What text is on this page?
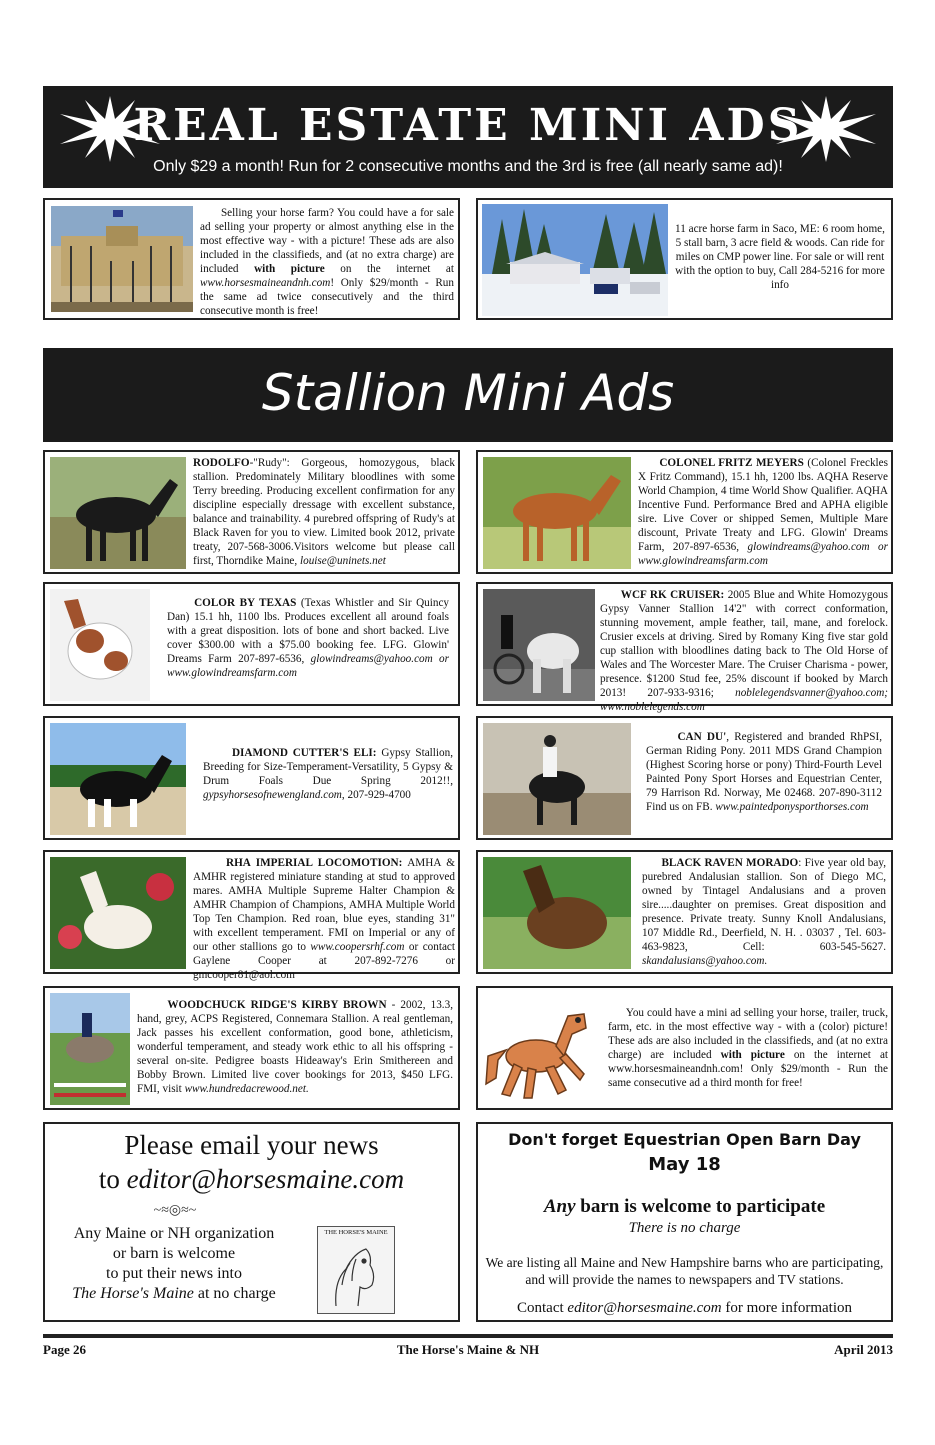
REAL ESTATE MINI ADS
Only $29 a month! Run for 2 consecutive months and the 3rd is free (all nearly same ad)!
Selling your horse farm? You could have a for sale ad selling your property or almost anything else in the most effective way - with a picture! These ads are also included in the classifieds, and (at no extra charge) are included with picture on the internet at www.horsesmaineandnh.com! Only $29/month - Run the same ad twice consecutively and the third consecutive month is free!
11 acre horse farm in Saco, ME: 6 room home, 5 stall barn, 3 acre field & woods. Can ride for miles on CMP power line. For sale or will rent with the option to buy, Call 284-5216 for more info
Stallion Mini Ads
RODOLFO-"Rudy": Gorgeous, homozygous, black stallion. Predominately Military bloodlines with some Terry breeding. Producing excellent confirmation for any discipline especially dressage with excellent substance, balance and trainability. 4 purebred offspring of Rudy's at Black Raven for you to view. Limited book 2012, private treaty, 207-568-3006.Visitors welcome but please call first, Thorndike Maine, louise@uninets.net
COLONEL FRITZ MEYERS (Colonel Freckles X Fritz Command), 15.1 hh, 1200 lbs. AQHA Reserve World Champion, 4 time World Show Qualifier. AQHA Incentive Fund. Performance Bred and APHA eligible sire. Live Cover or shipped Semen, Multiple Mare discount, Private Treaty and LFG. Glowin' Dreams Farm, 207-897-6536, glowindreams@yahoo.com or www.glowindreamsfarm.com
COLOR BY TEXAS (Texas Whistler and Sir Quincy Dan) 15.1 hh, 1100 lbs. Produces excellent all around foals with a great disposition. lots of bone and short backed. Live cover $300.00 with a $75.00 booking fee. LFG. Glowin' Dreams Farm 207-897-6536, glowindreams@yahoo.com or www.glowindreamsfarm.com
WCF RK CRUISER: 2005 Blue and White Homozygous Gypsy Vanner Stallion 14'2" with correct conformation, stunning movement, ample feather, tail, mane, and forelock. Crusier excels at driving. Sired by Romany King five star gold cup stallion with bloodlines dating back to The Old Horse of Wales and The Worcester Mare. The Cruiser Charisma - power, presence. $1200 Stud fee, 25% discount if booked by March 2013! 207-933-9316; noblelegendsvanner@yahoo.com; www.noblelegends.com
DIAMOND CUTTER'S ELI: Gypsy Stallion, Breeding for Size-Temperament-Versatility, 5 Gypsy & Drum Foals Due Spring 2012!!, gypsyhorsesofnewengland.com, 207-929-4700
CAN DU', Registered and branded RhPSI, German Riding Pony. 2011 MDS Grand Champion (Highest Scoring horse or pony) Third-Fourth Level Painted Pony Sport Horses and Equestrian Center, 79 Harrison Rd. Norway, Me 02468. 207-890-3112 Find us on FB. www.paintedponysporthorses.com
RHA IMPERIAL LOCOMOTION: AMHA & AMHR registered miniature standing at stud to approved mares. AMHA Multiple Supreme Halter Champion & AMHR Champion of Champions, AMHA Multiple World Top Ten Champion. Red roan, blue eyes, standing 31" with excellent temperament. FMI on Imperial or any of our other stallions go to www.coopersrhf.com or contact Gaylene Cooper at 207-892-7276 or gmcooper81@aol.com
BLACK RAVEN MORADO: Five year old bay, purebred Andalusian stallion. Son of Diego MC, owned by Tintagel Andalusians and a proven sire.....daughter on premises. Great disposition and presence. Private treaty. Sunny Knoll Andalusians, 107 Middle Rd., Deerfield, N. H. . 03037 , Tel. 603-463-9823, Cell: 603-545-5627. skandalusians@yahoo.com.
WOODCHUCK RIDGE'S KIRBY BROWN - 2002, 13.3, hand, grey, ACPS Registered, Connemara Stallion. A real gentleman, Jack passes his excellent conformation, good bone, athleticism, wonderful temperament, and steady work ethic to all his offspring - several on-site. Pedigree boasts Hideaway's Erin Smithereen and Bobby Brown. Limited live cover bookings for 2013, $450 LFG. FMI, visit www.hundredacrewood.net.
You could have a mini ad selling your horse, trailer, truck, farm, etc. in the most effective way - with a (color) picture! These ads are also included in the classifieds, and (at no extra charge) are included with picture on the internet at www.horsesmaineandnh.com! Only $29/month - Run the same consecutive ad a third month for free!
Please email your news
to editor@horsesmaine.com
~≈◎≈~
Any Maine or NH organization
or barn is welcome
to put their news into
The Horse's Maine at no charge
THE HORSE'S MAINE
Don't forget Equestrian Open Barn Day
May 18
Any barn is welcome to participate
There is no charge
We are listing all Maine and New Hampshire barns who are participating, and will provide the names to newspapers and TV stations.
Contact editor@horsesmaine.com for more information
Page 26	The Horse's Maine & NH	April 2013
